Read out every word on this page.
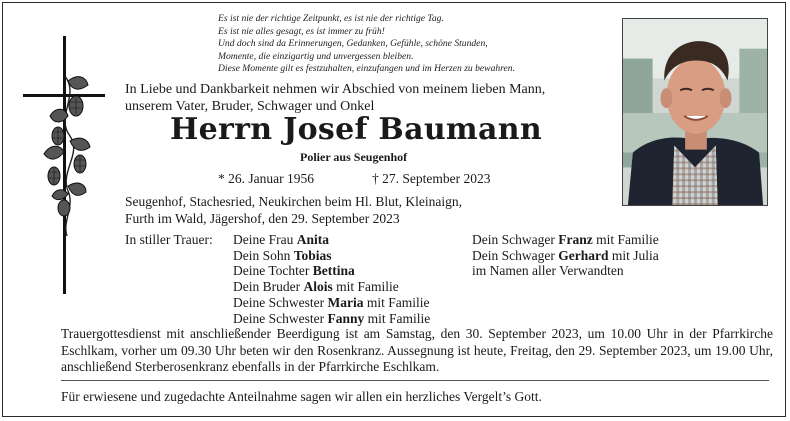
Es ist nie der richtige Zeitpunkt, es ist nie der richtige Tag.
Es ist nie alles gesagt, es ist immer zu früh!
Und doch sind da Erinnerungen, Gedanken, Gefühle, schöne Stunden,
Momente, die einzigartig und unvergessen bleiben.
Diese Momente gilt es festzuhalten, einzufangen und im Herzen zu bewahren.
In Liebe und Dankbarkeit nehmen wir Abschied von meinem lieben Mann,
unserem Vater, Bruder, Schwager und Onkel
Herrn Josef Baumann
Polier aus Seugenhof
* 26. Januar 1956	† 27. September 2023
Seugenhof, Stachesried, Neukirchen beim Hl. Blut, Kleinaign,
Furth im Wald, Jägershof, den 29. September 2023
In stiller Trauer: Deine Frau Anita
Dein Sohn Tobias
Deine Tochter Bettina
Dein Bruder Alois mit Familie
Deine Schwester Maria mit Familie
Deine Schwester Fanny mit Familie
Dein Schwager Franz mit Familie
Dein Schwager Gerhard mit Julia
im Namen aller Verwandten
Trauergottesdienst mit anschließender Beerdigung ist am Samstag, den 30. September 2023, um 10.00 Uhr in der Pfarrkirche Eschlkam, vorher um 09.30 Uhr beten wir den Rosenkranz. Aussegnung ist heute, Freitag, den 29. September 2023, um 19.00 Uhr, anschließend Sterberosenkranz ebenfalls in der Pfarrkirche Eschlkam.
Für erwiesene und zugedachte Anteilnahme sagen wir allen ein herzliches Vergelt’s Gott.
